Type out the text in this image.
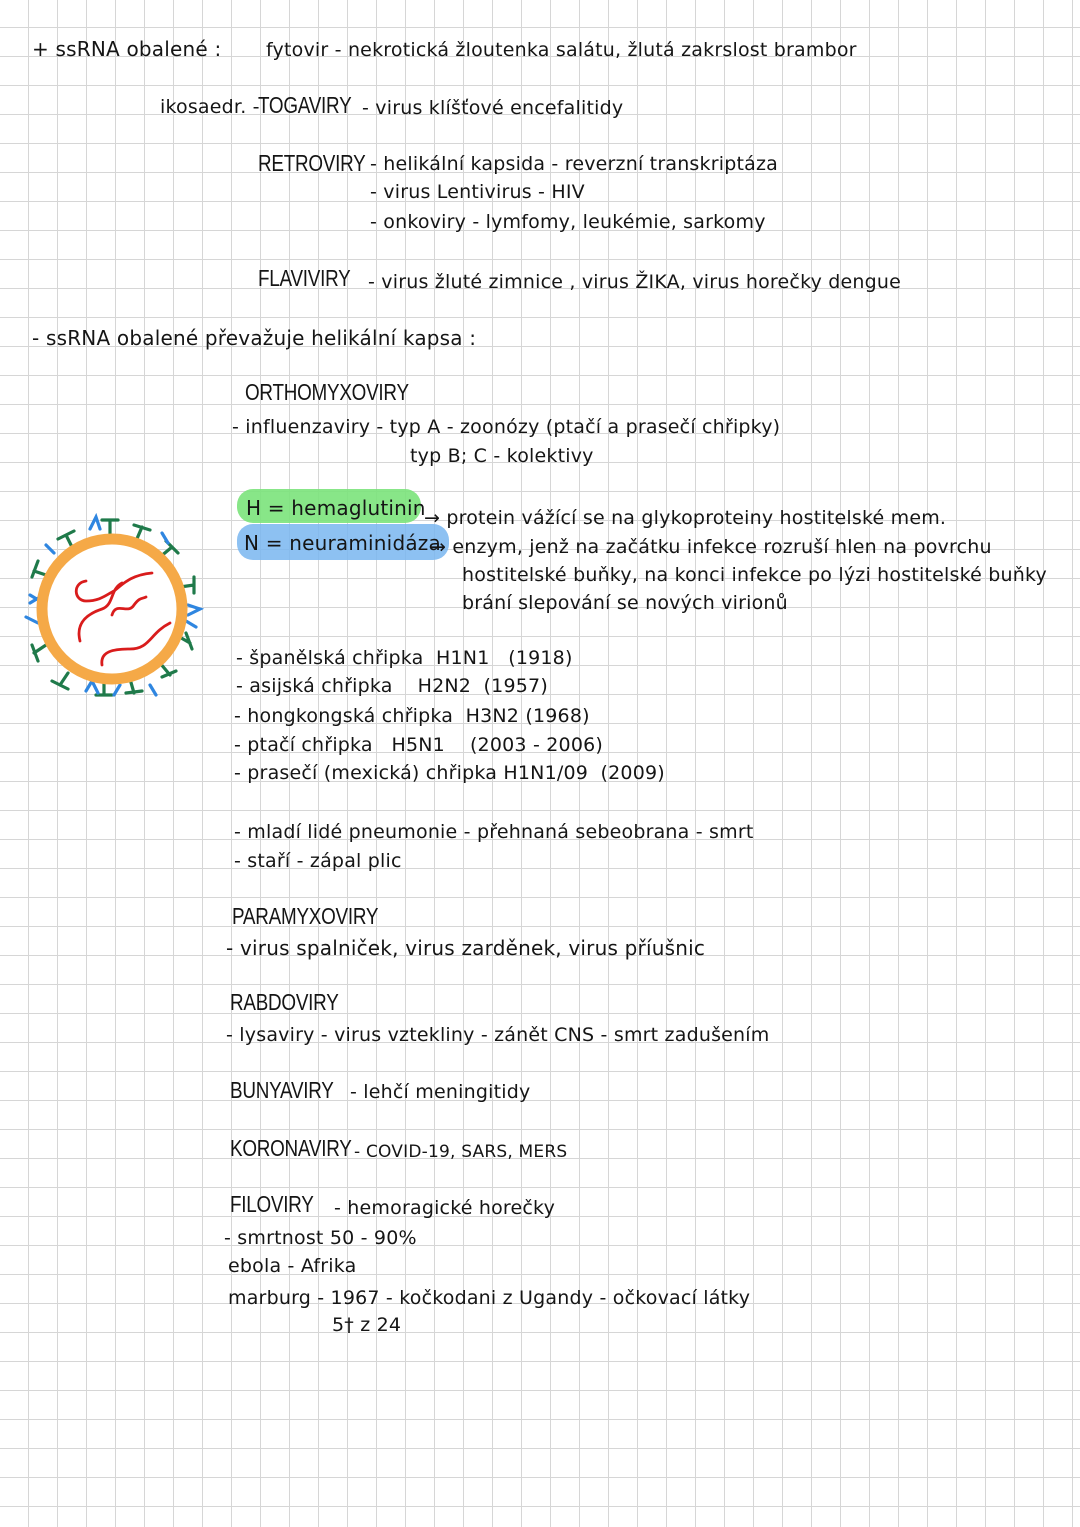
+ ssRNA obalené : fytovir - nekrotická žloutenka salátu, žlutá zakrslost brambor
ikosaedr. -
TOGAVIRY - virus klíšťové encefalitidy
RETROVIRY - helikální kapsida - reverzní transkriptáza
- virus Lentivirus - HIV
- onkoviry - lymfomy, leukémie, sarkomy
FLAVIVIRY - virus žluté zimnice , virus ŽIKA, virus horečky dengue
- ssRNA obalené převažuje helikální kapsa :
ORTHOMYXOVIRY
- influenzaviry - typ A - zoonózy (ptačí a prasečí chřipky)
typ B; C - kolektivy
H = hemaglutinin
→ protein vážící se na glykoproteiny hostitelské mem.
N = neuraminidáza
→ enzym, jenž na začátku infekce rozruší hlen na povrchu
hostitelské buňky, na konci infekce po lýzi hostitelské buňky
brání slepování se nových virionů
- španělská chřipka H1N1 (1918)
- asijská chřipka H2N2 (1957)
- hongkongská chřipka H3N2 (1968)
- ptačí chřipka H5N1 (2003 - 2006)
- prasečí (mexická) chřipka H1N1/09 (2009)
- mladí lidé pneumonie - přehnaná sebeobrana - smrt
- staří - zápal plic
PARAMYXOVIRY
- virus spalniček, virus zarděnek, virus příušnic
RABDOVIRY
- lysaviry - virus vztekliny - zánět CNS - smrt zadušením
BUNYAVIRY - lehčí meningitidy
KORONAVIRY - COVID-19, SARS, MERS
FILOVIRY - hemoragické horečky
- smrtnost 50 - 90%
ebola - Afrika
marburg - 1967 - kočkodani z Ugandy - očkovací látky
5† z 24
